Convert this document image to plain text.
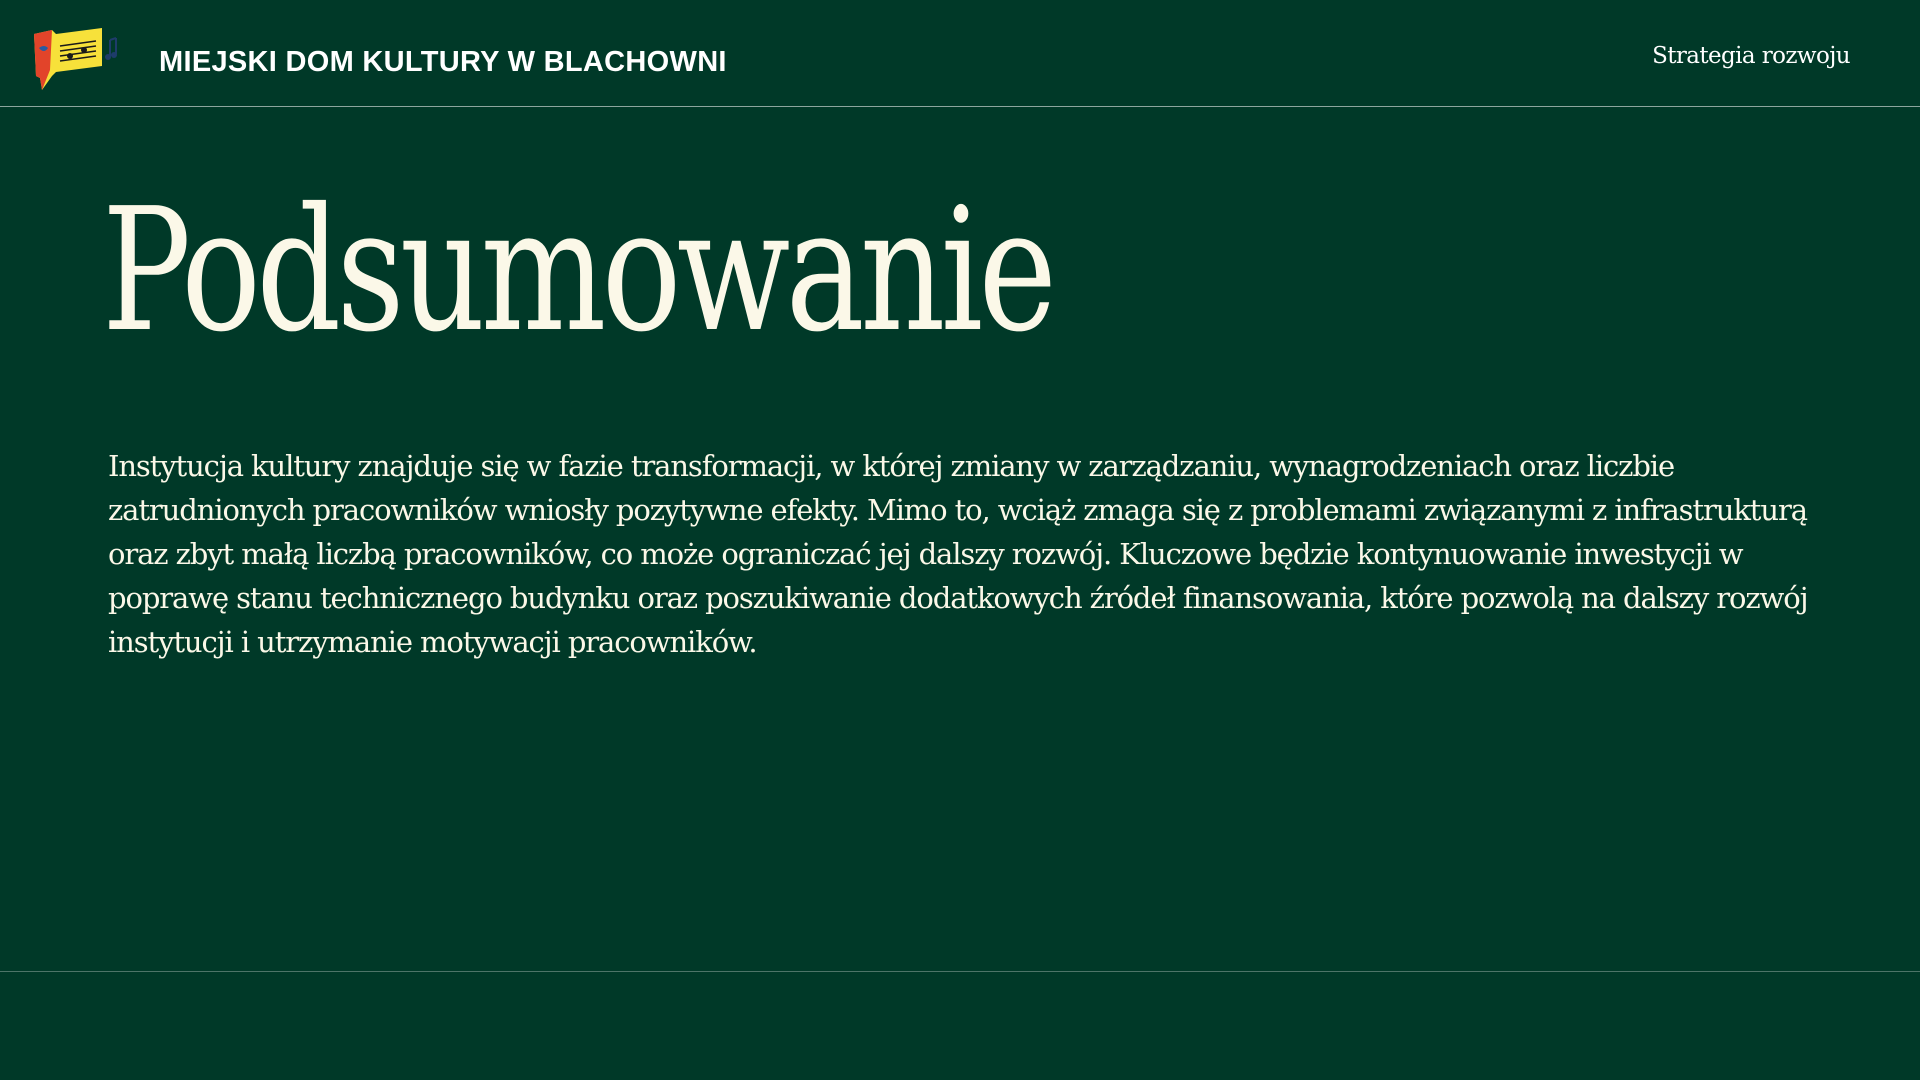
MIEJSKI DOM KULTURY W BLACHOWNI	Strategia rozwoju
Podsumowanie

Instytucja kultury znajduje się w fazie transformacji, w której zmiany w zarządzaniu, wynagrodzeniach oraz liczbie zatrudnionych pracowników wniosły pozytywne efekty. Mimo to, wciąż zmaga się z problemami związanymi z infrastrukturą oraz zbyt małą liczbą pracowników, co może ograniczać jej dalszy rozwój. Kluczowe będzie kontynuowanie inwestycji w poprawę stanu technicznego budynku oraz poszukiwanie dodatkowych źródeł finansowania, które pozwolą na dalszy rozwój instytucji i utrzymanie motywacji pracowników.
